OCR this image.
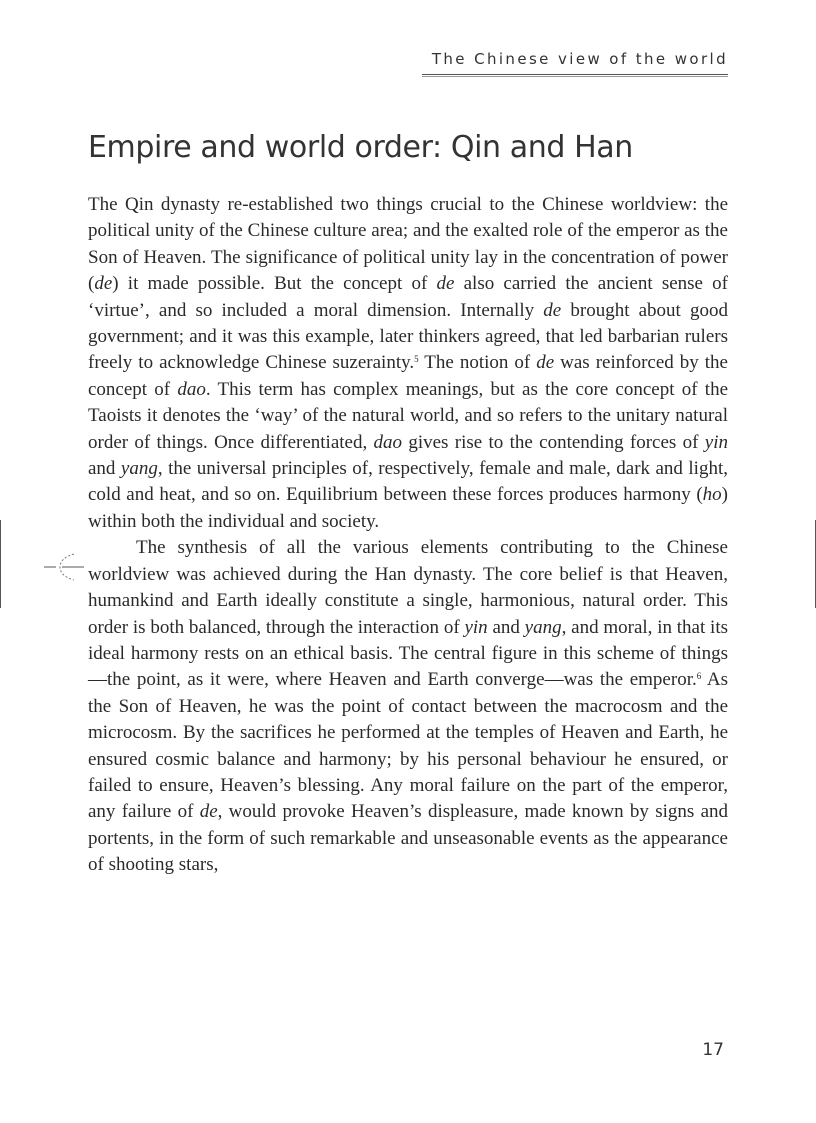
The Chinese view of the world
Empire and world order: Qin and Han

The Qin dynasty re-established two things crucial to the Chinese worldview: the political unity of the Chinese culture area; and the exalted role of the emperor as the Son of Heaven. The significance of political unity lay in the concentration of power (de) it made possible. But the concept of de also carried the ancient sense of ‘virtue’, and so included a moral dimension. Internally de brought about good government; and it was this example, later thinkers agreed, that led barbarian rulers freely to acknowledge Chinese suzerainty.$^5$ The notion of de was reinforced by the concept of dao. This term has complex meanings, but as the core concept of the Taoists it denotes the ‘way’ of the natural world, and so refers to the unitary natural order of things. Once differentiated, dao gives rise to the contending forces of yin and yang, the universal principles of, respectively, female and male, dark and light, cold and heat, and so on. Equilibrium between these forces produces harmony (ho) within both the individual and society.

The synthesis of all the various elements contributing to the Chinese worldview was achieved during the Han dynasty. The core belief is that Heaven, humankind and Earth ideally constitute a single, harmonious, natural order. This order is both balanced, through the interaction of yin and yang, and moral, in that its ideal harmony rests on an ethical basis. The central figure in this scheme of things—the point, as it were, where Heaven and Earth converge—was the emperor.$^6$ As the Son of Heaven, he was the point of contact between the macrocosm and the microcosm. By the sacrifices he performed at the temples of Heaven and Earth, he ensured cosmic balance and harmony; by his personal behaviour he ensured, or failed to ensure, Heaven’s blessing. Any moral failure on the part of the emperor, any failure of de, would provoke Heaven’s displeasure, made known by signs and portents, in the form of such remarkable and unseasonable events as the appearance of shooting stars,

17
